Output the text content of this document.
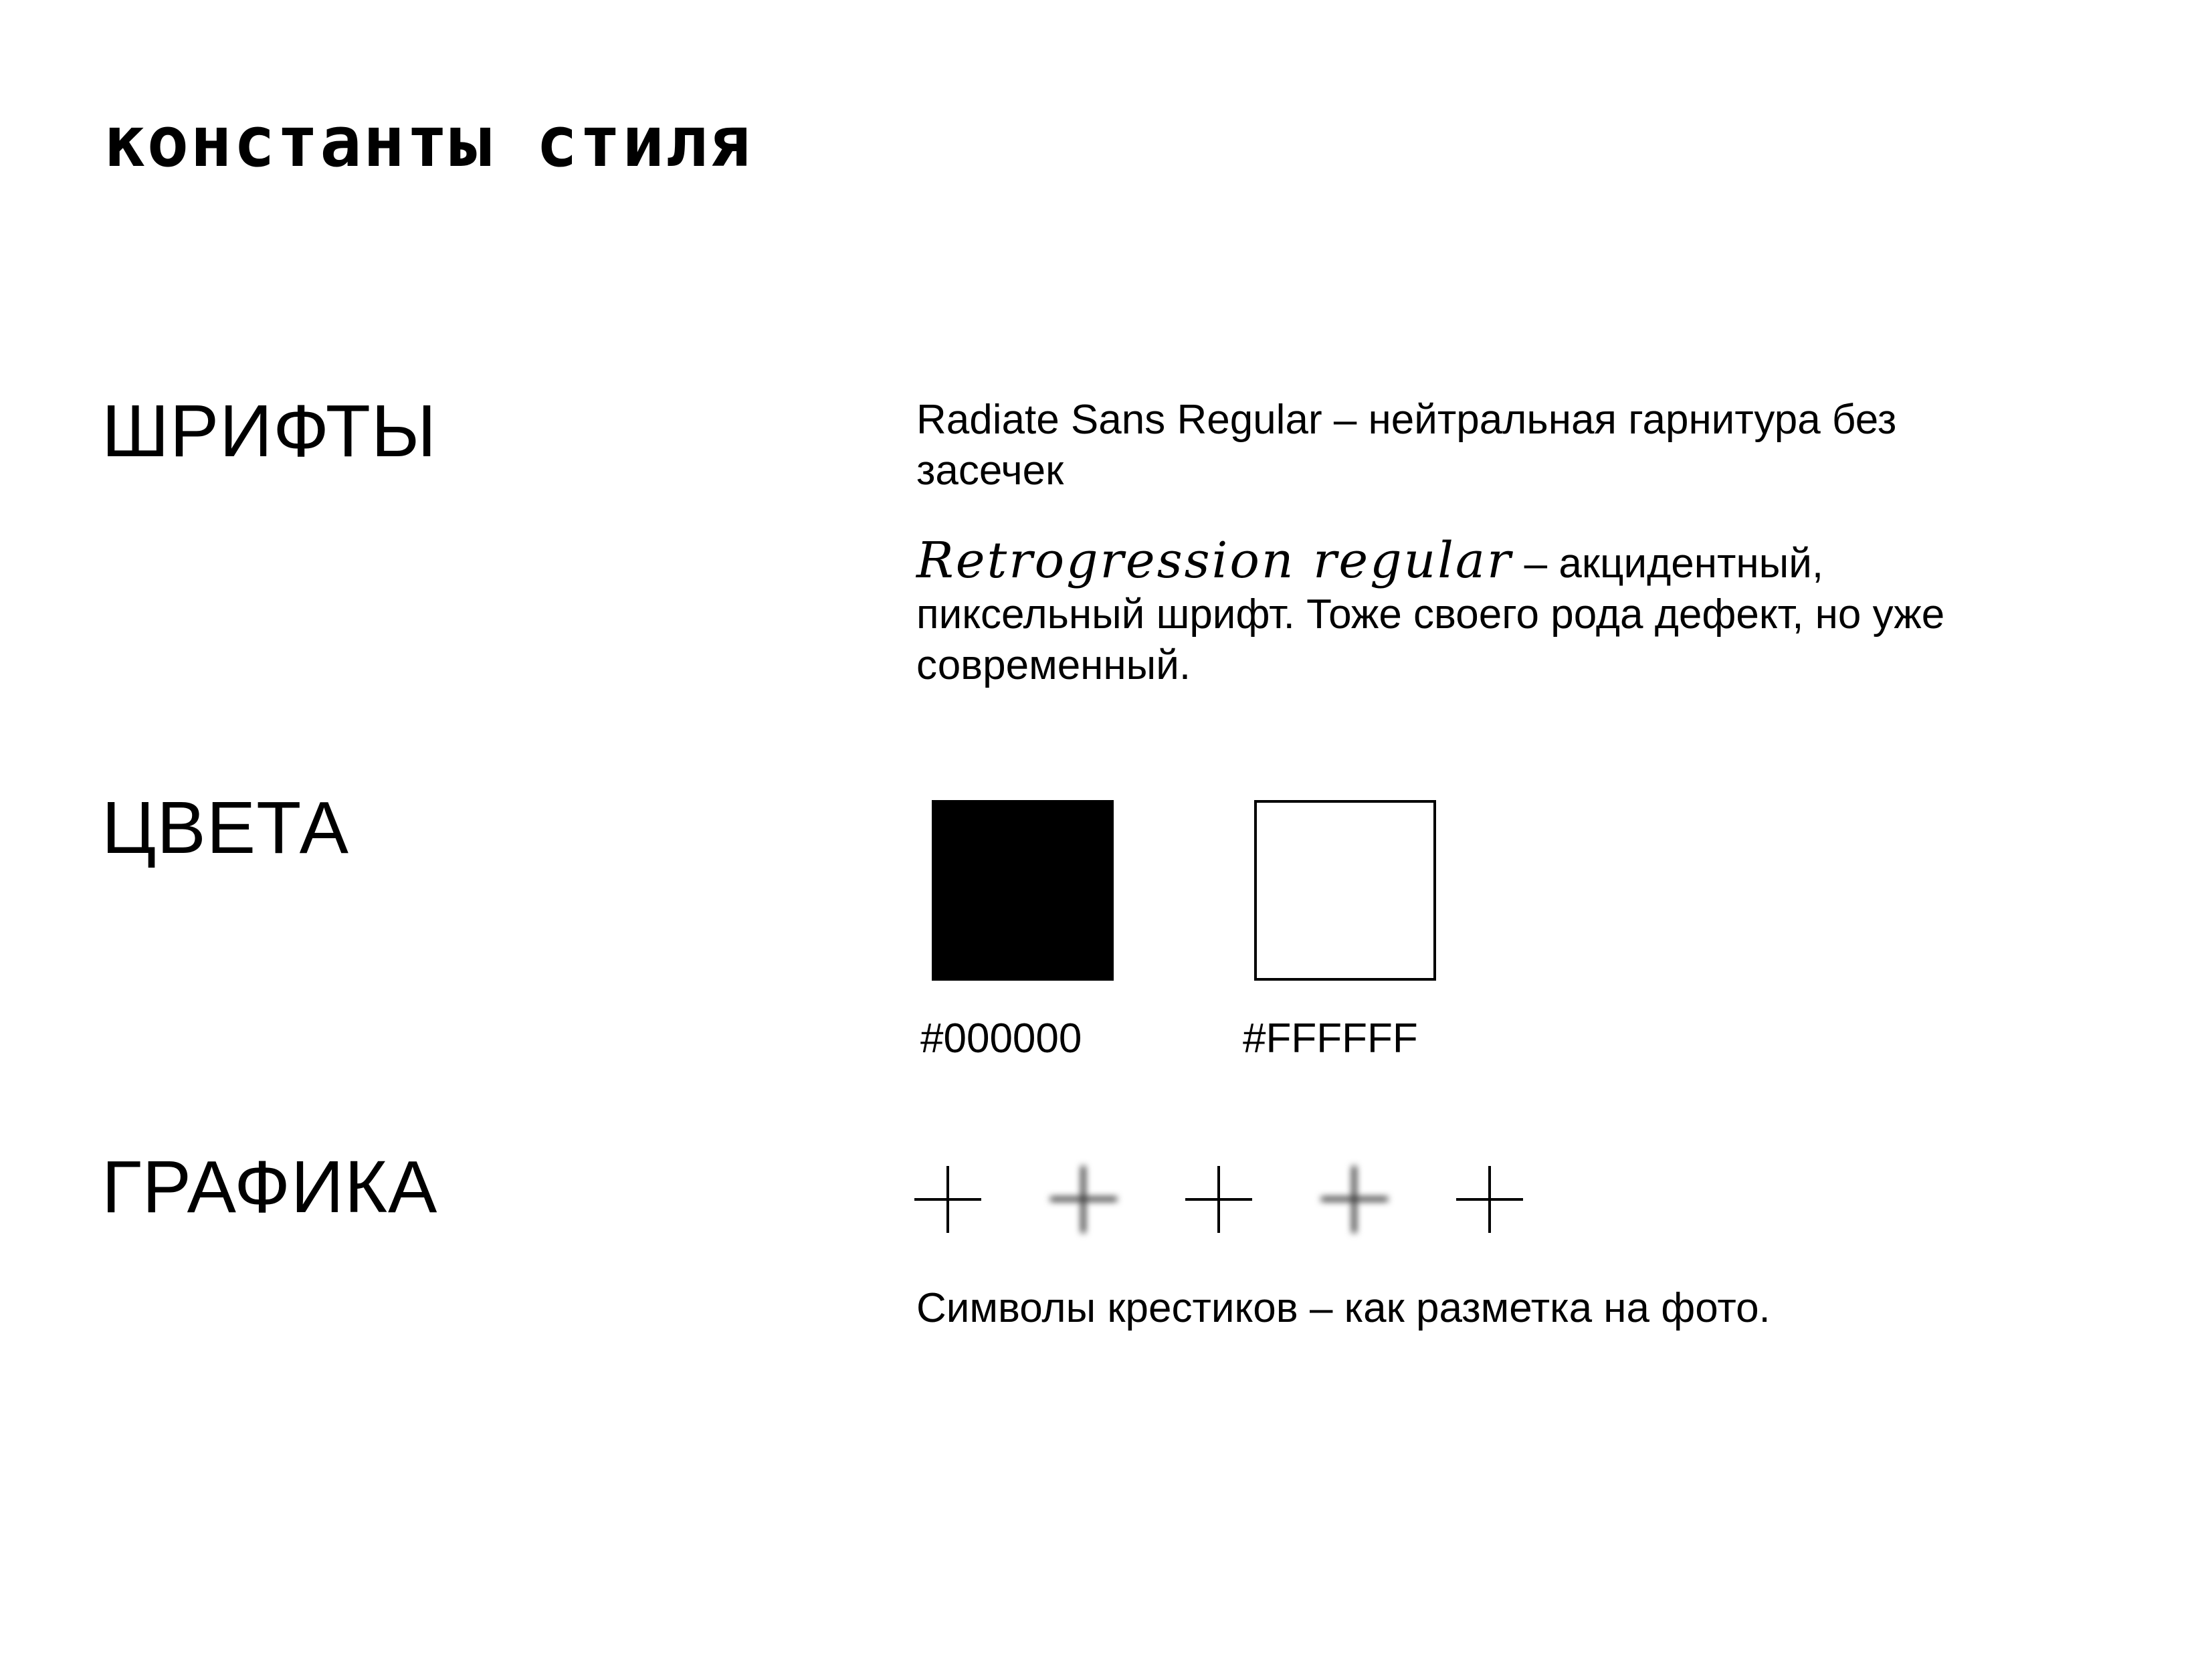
константы стиля
ШРИФТЫ	Radiate Sans Regular – нейтральная гарнитура без засечек
Retrogression regular – акцидентный, пиксельный шрифт. Тоже своего рода дефект, но уже современный.
ЦВЕТА
#000000	#FFFFFF
ГРАФИКА
Символы крестиков – как разметка на фото.
